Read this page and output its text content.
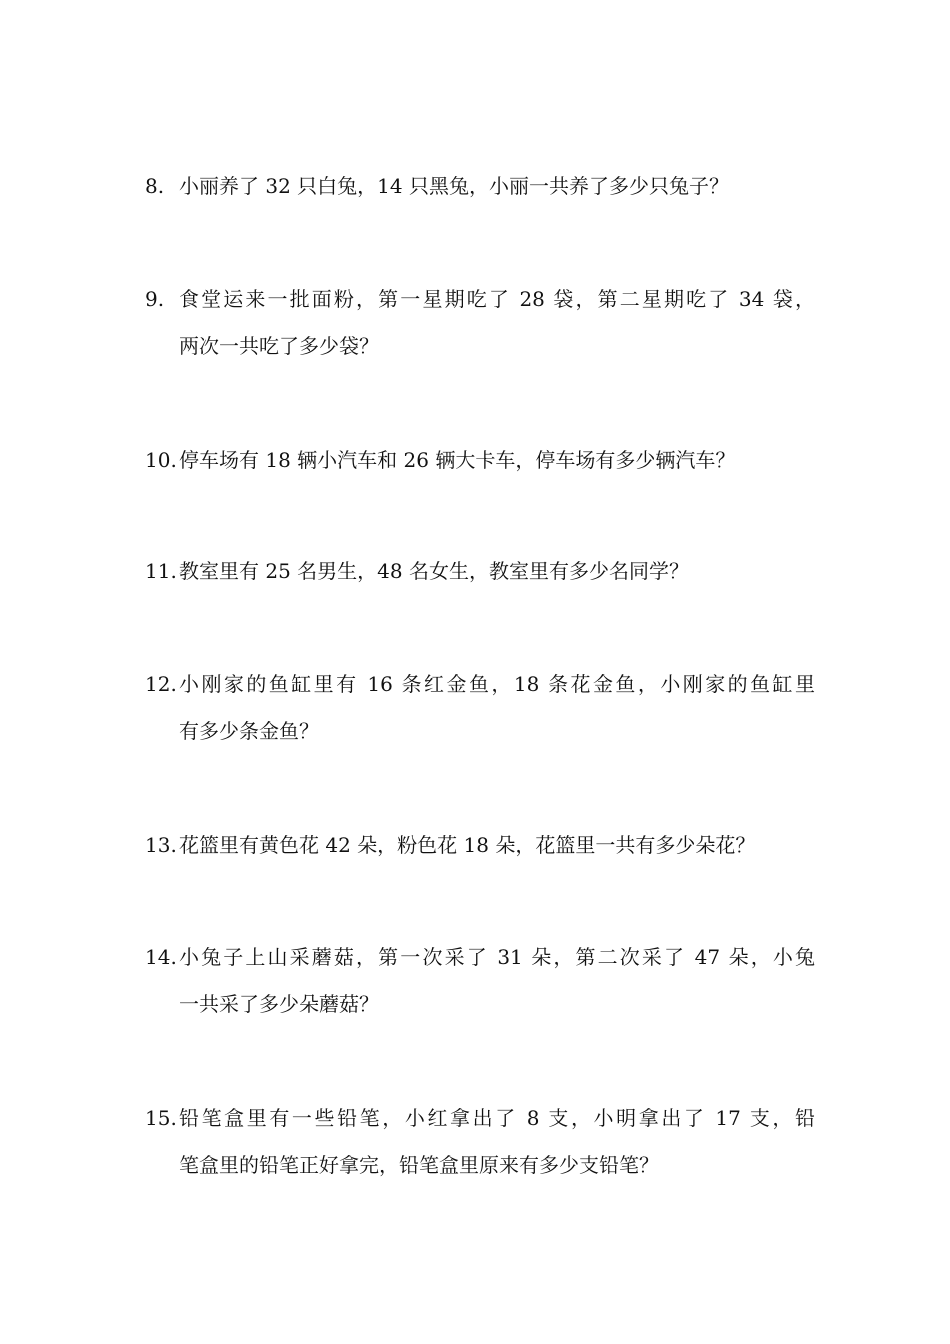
8. 小丽养了 32 只白兔，14 只黑兔，小丽一共养了多少只兔子？
9. 食堂运来一批面粉，第一星期吃了 28 袋，第二星期吃了 34 袋，
两次一共吃了多少袋？
10. 停车场有 18 辆小汽车和 26 辆大卡车，停车场有多少辆汽车？
11. 教室里有 25 名男生，48 名女生，教室里有多少名同学？
12. 小刚家的鱼缸里有 16 条红金鱼，18 条花金鱼，小刚家的鱼缸里
有多少条金鱼？
13. 花篮里有黄色花 42 朵，粉色花 18 朵，花篮里一共有多少朵花？
14. 小兔子上山采蘑菇，第一次采了 31 朵，第二次采了 47 朵，小兔
一共采了多少朵蘑菇？
15. 铅笔盒里有一些铅笔，小红拿出了 8 支，小明拿出了 17 支，铅
笔盒里的铅笔正好拿完，铅笔盒里原来有多少支铅笔？
